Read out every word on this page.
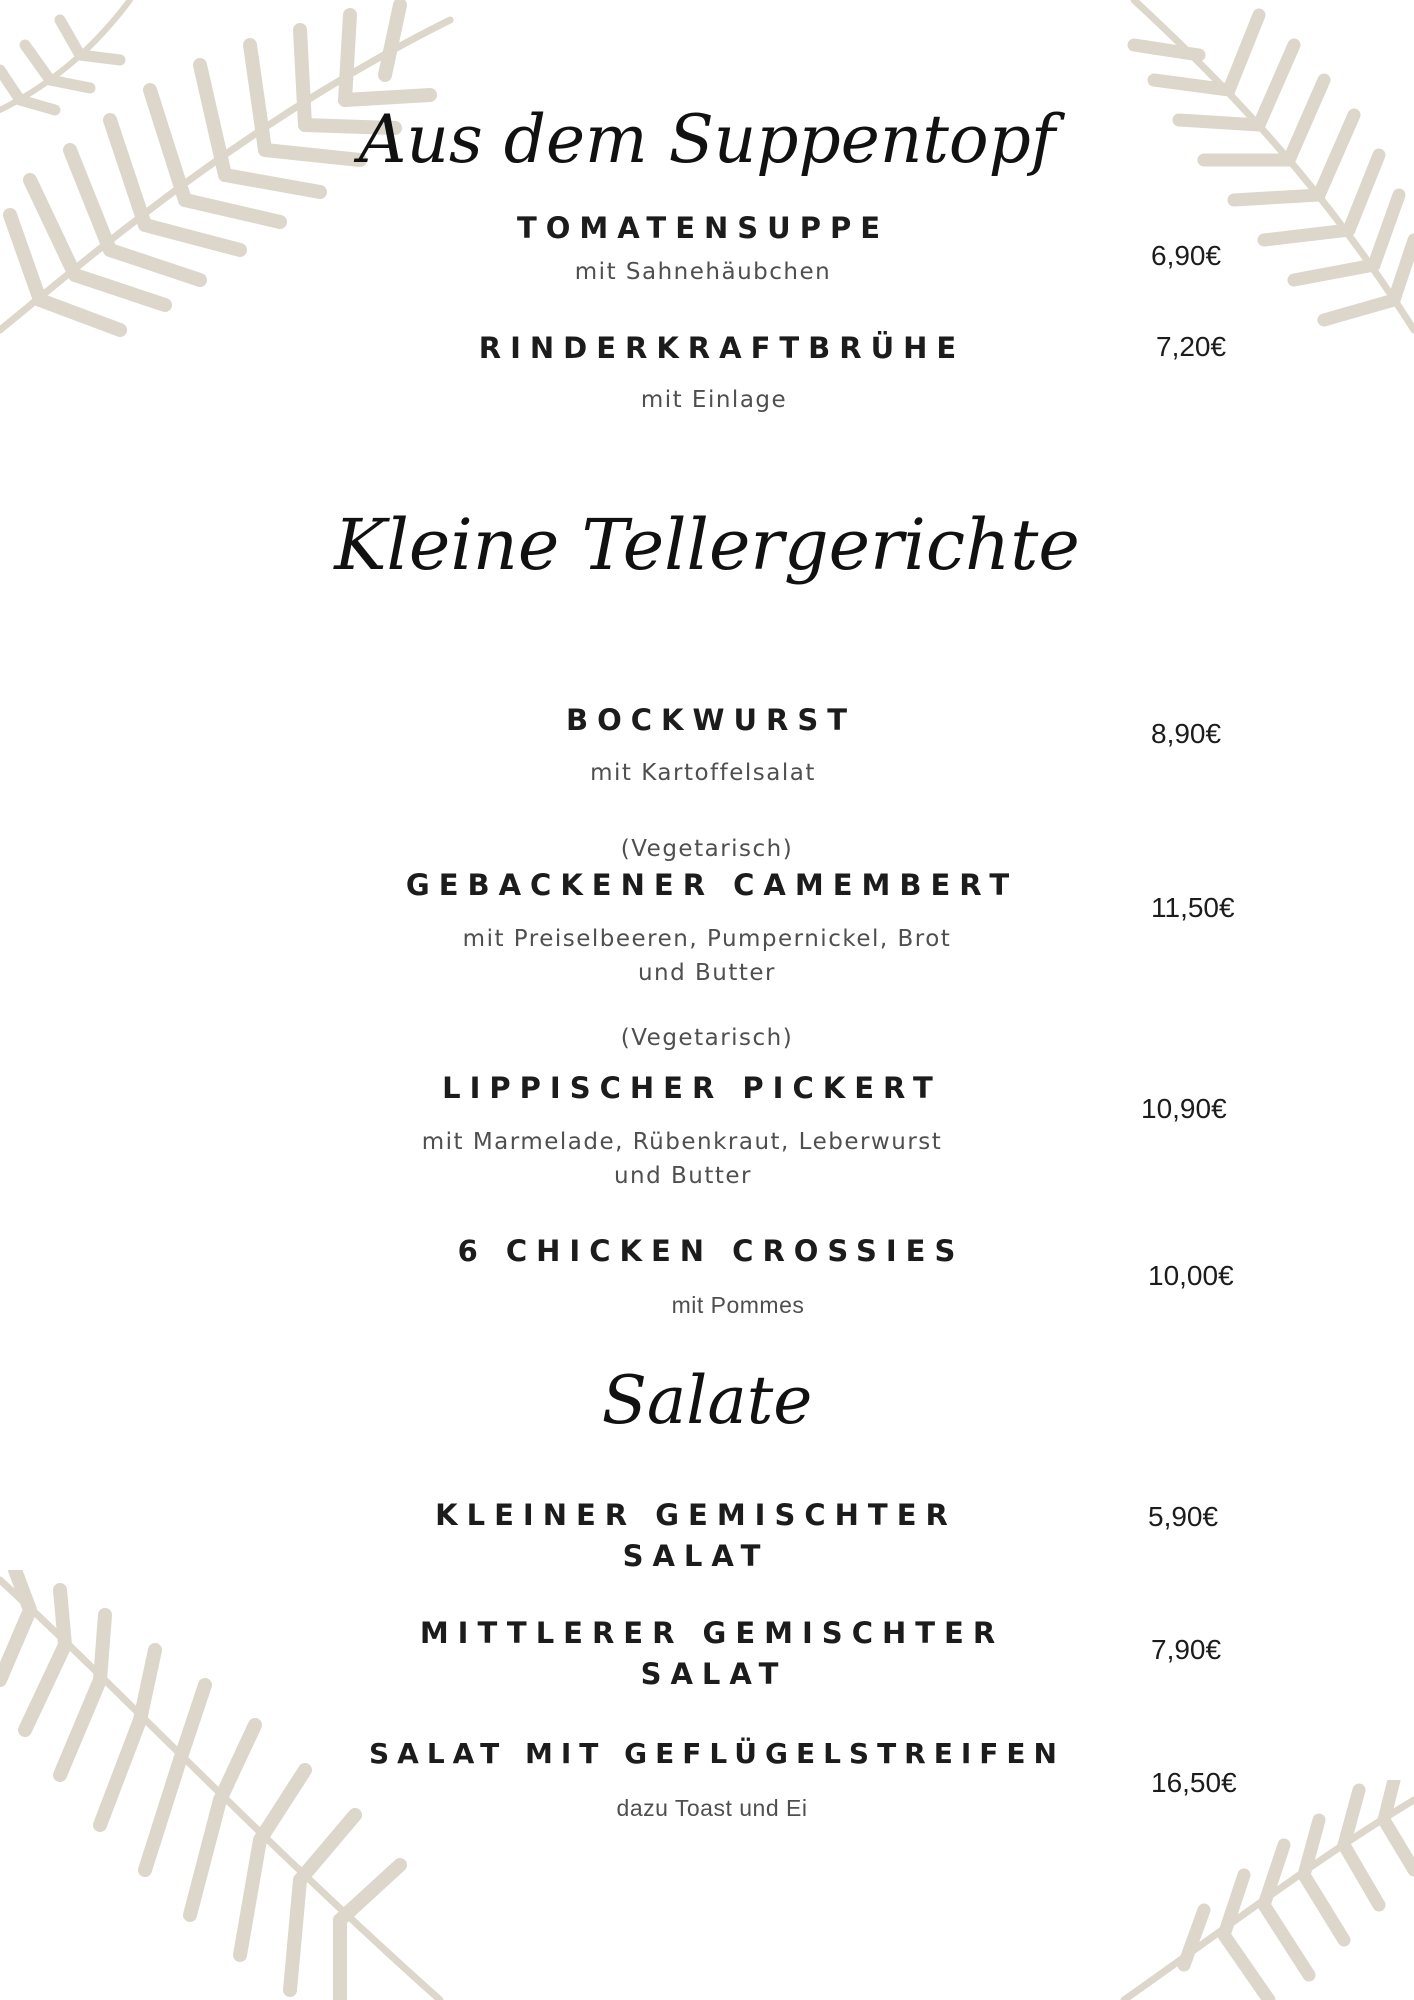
Aus dem Suppentopf
TOMATENSUPPE
mit Sahnehäubchen
6,90€
RINDERKRAFTBRÜHE
mit Einlage
7,20€
Kleine Tellergerichte
BOCKWURST
mit Kartoffelsalat
8,90€
(Vegetarisch)
GEBACKENER CAMEMBERT
mit Preiselbeeren, Pumpernickel, Brot
und Butter
11,50€
(Vegetarisch)
LIPPISCHER PICKERT
mit Marmelade, Rübenkraut, Leberwurst
und Butter
10,90€
6 CHICKEN CROSSIES
mit Pommes
10,00€
Salate
KLEINER GEMISCHTER
SALAT
5,90€
MITTLERER GEMISCHTER
SALAT
7,90€
SALAT MIT GEFLÜGELSTREIFEN
dazu Toast und Ei
16,50€
